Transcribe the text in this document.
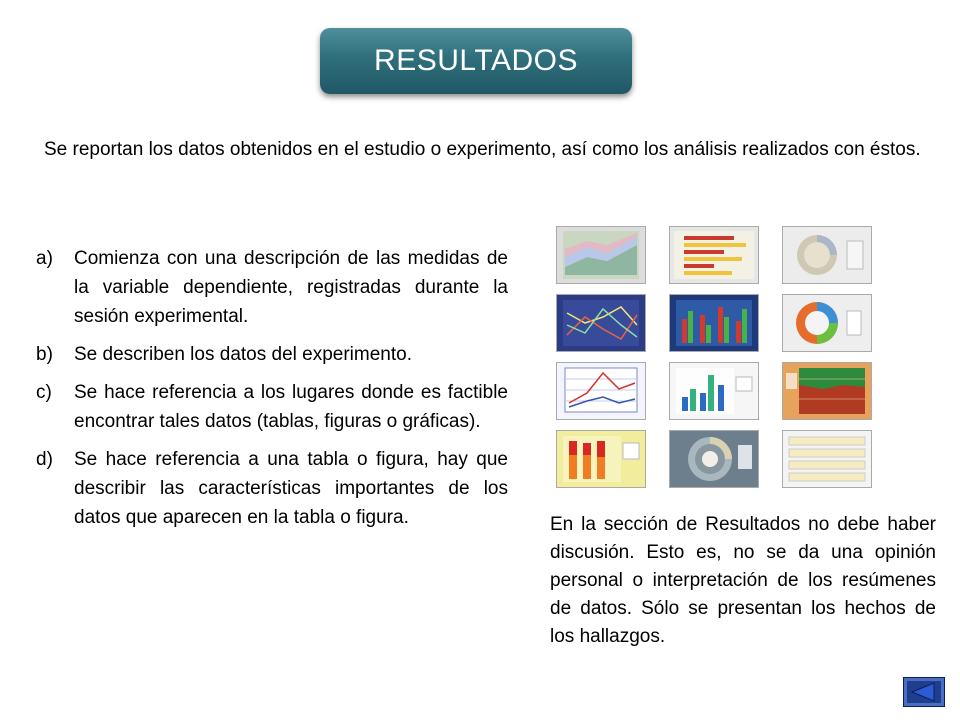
RESULTADOS

Se reportan los datos obtenidos en el estudio o experimento, así como los análisis realizados con éstos.

a) Comienza con una descripción de las medidas de la variable dependiente, registradas durante la sesión experimental.
b) Se describen los datos del experimento.
c) Se hace referencia a los lugares donde es factible encontrar tales datos (tablas, figuras o gráficas).
d) Se hace referencia a una tabla o figura, hay que describir las características importantes de los datos que aparecen en la tabla o figura.	En la sección de Resultados no debe haber discusión. Esto es, no se da una opinión personal o interpretación de los resúmenes de datos. Sólo se presentan los hechos de los hallazgos.
